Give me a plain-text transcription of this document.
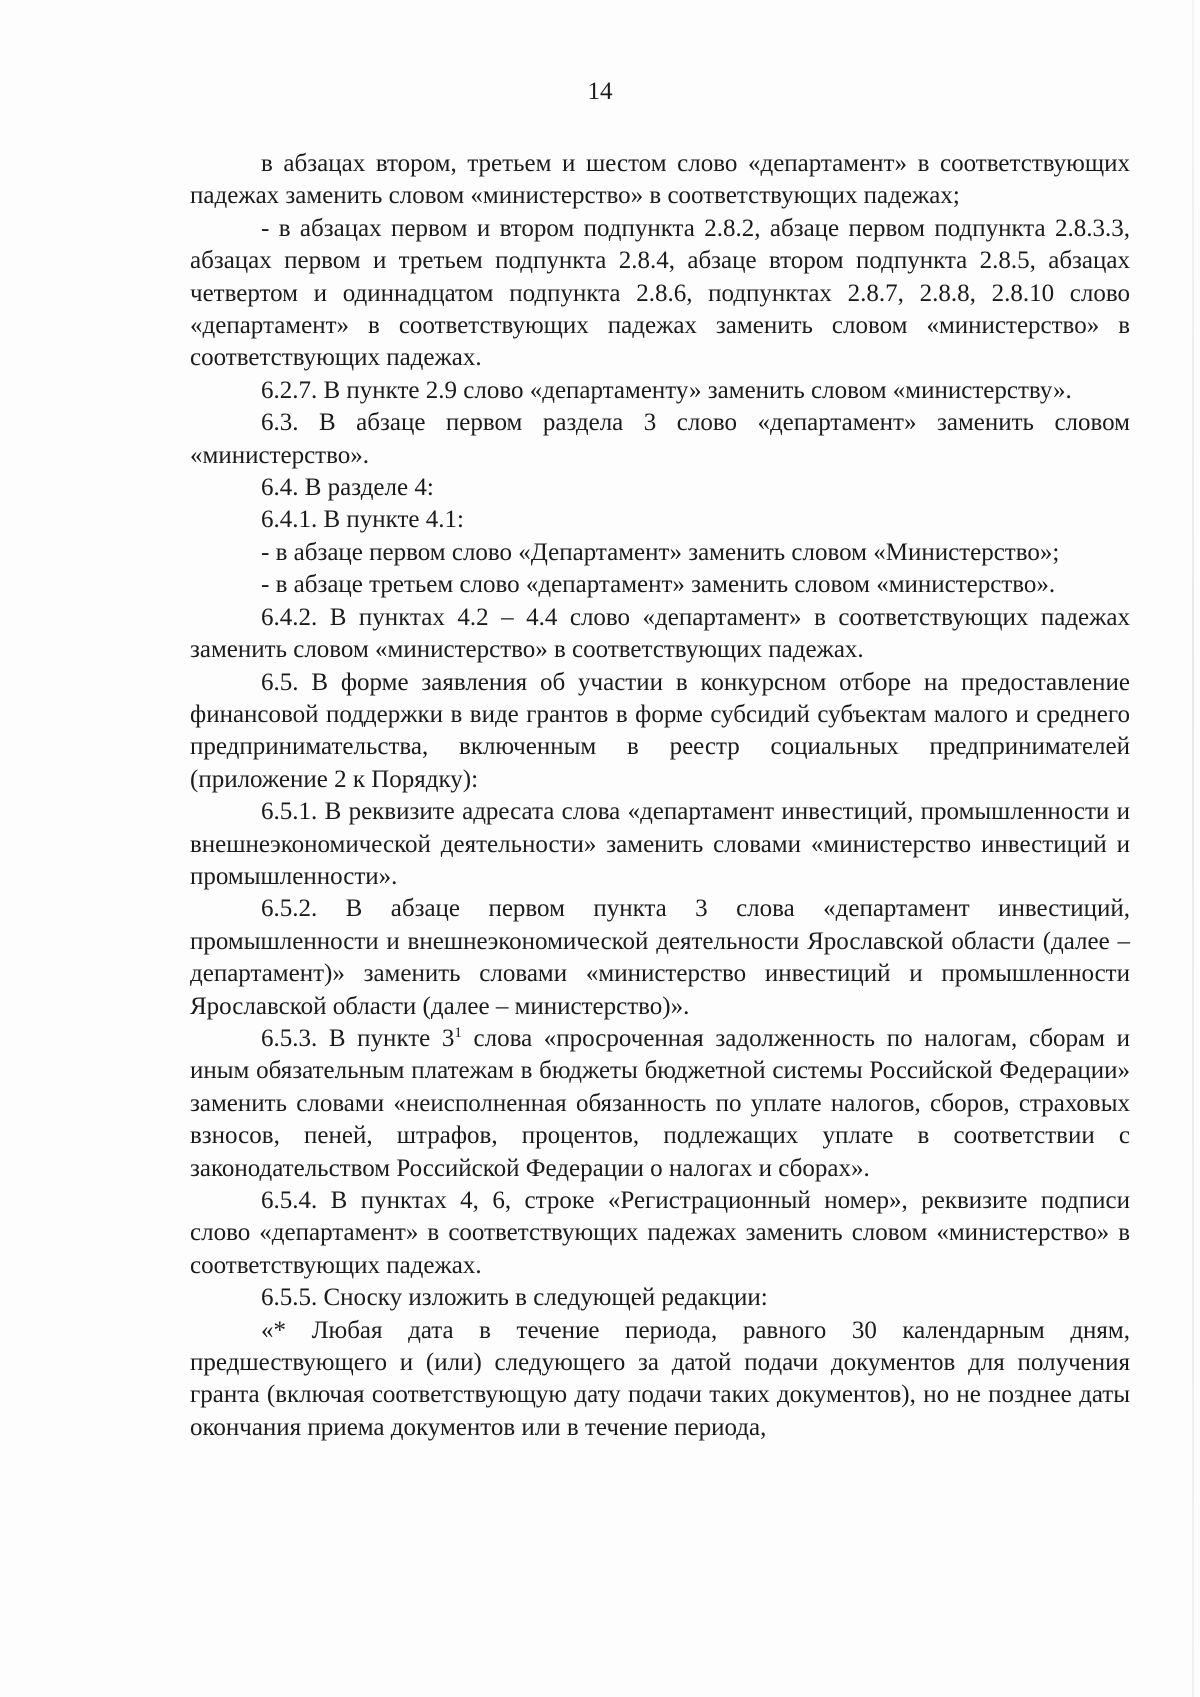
14

в абзацах втором, третьем и шестом слово «департамент» в соответствующих падежах заменить словом «министерство» в соответствующих падежах;

- в абзацах первом и втором подпункта 2.8.2, абзаце первом подпункта 2.8.3.3, абзацах первом и третьем подпункта 2.8.4, абзаце втором подпункта 2.8.5, абзацах четвертом и одиннадцатом подпункта 2.8.6, подпунктах 2.8.7, 2.8.8, 2.8.10 слово «департамент» в соответствующих падежах заменить словом «министерство» в соответствующих падежах.

6.2.7. В пункте 2.9 слово «департаменту» заменить словом «министерству».

6.3. В абзаце первом раздела 3 слово «департамент» заменить словом «министерство».

6.4. В разделе 4:

6.4.1. В пункте 4.1:

- в абзаце первом слово «Департамент» заменить словом «Министерство»;

- в абзаце третьем слово «департамент» заменить словом «министерство».

6.4.2. В пунктах 4.2 – 4.4 слово «департамент» в соответствующих падежах заменить словом «министерство» в соответствующих падежах.

6.5. В форме заявления об участии в конкурсном отборе на предоставление финансовой поддержки в виде грантов в форме субсидий субъектам малого и среднего предпринимательства, включенным в реестр социальных предпринимателей (приложение 2 к Порядку):

6.5.1. В реквизите адресата слова «департамент инвестиций, промышленности и внешнеэкономической деятельности» заменить словами «министерство инвестиций и промышленности».

6.5.2. В абзаце первом пункта 3 слова «департамент инвестиций, промышленности и внешнеэкономической деятельности Ярославской области (далее – департамент)» заменить словами «министерство инвестиций и промышленности Ярославской области (далее – министерство)».

6.5.3. В пункте $3^1$ слова «просроченная задолженность по налогам, сборам и иным обязательным платежам в бюджеты бюджетной системы Российской Федерации» заменить словами «неисполненная обязанность по уплате налогов, сборов, страховых взносов, пеней, штрафов, процентов, подлежащих уплате в соответствии с законодательством Российской Федерации о налогах и сборах».

6.5.4. В пунктах 4, 6, строке «Регистрационный номер», реквизите подписи слово «департамент» в соответствующих падежах заменить словом «министерство» в соответствующих падежах.

6.5.5. Сноску изложить в следующей редакции:

«* Любая дата в течение периода, равного 30 календарным дням, предшествующего и (или) следующего за датой подачи документов для получения гранта (включая соответствующую дату подачи таких документов), но не позднее даты окончания приема документов или в течение периода,
